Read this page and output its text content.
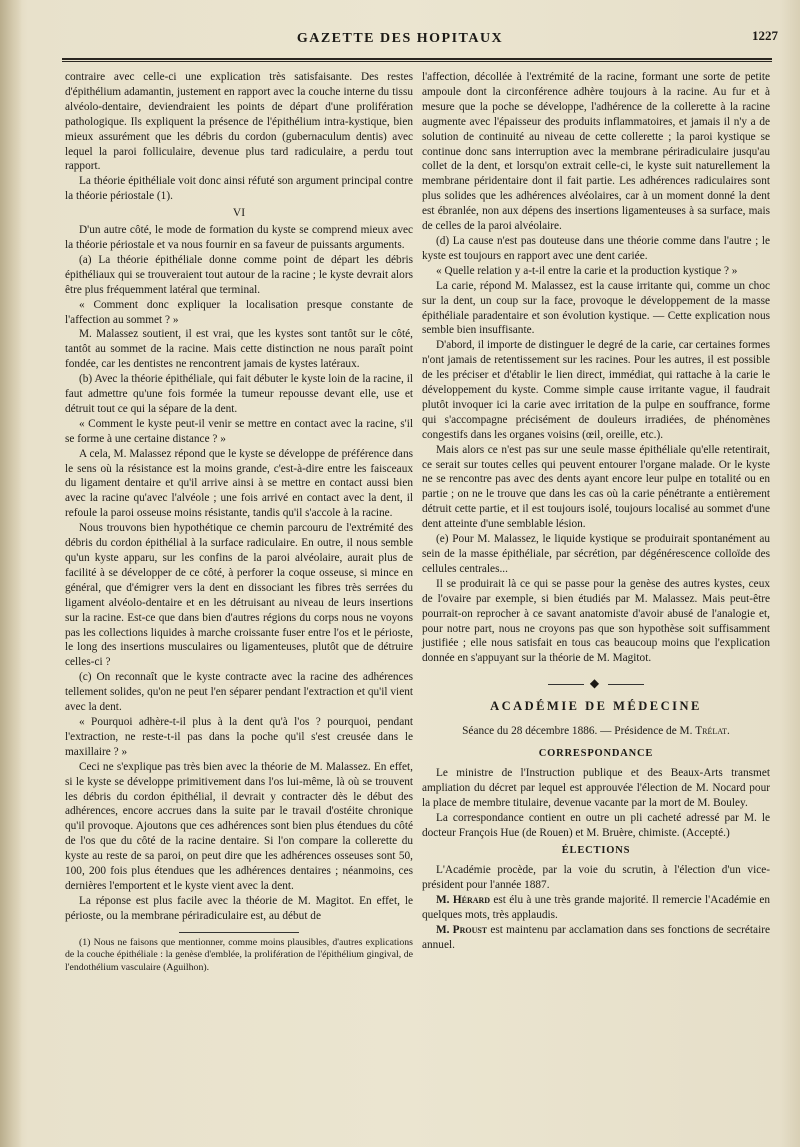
GAZETTE DES HOPITAUX	1227

contraire avec celle-ci une explication très satisfaisante. Des restes d'épithélium adamantin, justement en rapport avec la couche interne du tissu alvéolo-dentaire, deviendraient les points de départ d'une prolifération pathologique. Ils expliquent la présence de l'épithélium intra-kystique, bien mieux assurément que les débris du cordon (gubernaculum dentis) avec lequel la paroi folliculaire, devenue plus tard radiculaire, a perdu tout rapport.

La théorie épithéliale voit donc ainsi réfuté son argument principal contre la théorie périostale (1).

VI

D'un autre côté, le mode de formation du kyste se comprend mieux avec la théorie périostale et va nous fournir en sa faveur de puissants arguments.

(a) La théorie épithéliale donne comme point de départ les débris épithéliaux qui se trouveraient tout autour de la racine ; le kyste devrait alors être plus fréquemment latéral que terminal.

« Comment donc expliquer la localisation presque constante de l'affection au sommet ? »

M. Malassez soutient, il est vrai, que les kystes sont tantôt sur le côté, tantôt au sommet de la racine. Mais cette distinction ne nous paraît point fondée, car les dentistes ne rencontrent jamais de kystes latéraux.

(b) Avec la théorie épithéliale, qui fait débuter le kyste loin de la racine, il faut admettre qu'une fois formée la tumeur repousse devant elle, use et détruit tout ce qui la sépare de la dent.

« Comment le kyste peut-il venir se mettre en contact avec la racine, s'il se forme à une certaine distance ? »

A cela, M. Malassez répond que le kyste se développe de préférence dans le sens où la résistance est la moins grande, c'est-à-dire entre les faisceaux du ligament dentaire et qu'il arrive ainsi à se mettre en contact aussi bien avec la racine qu'avec l'alvéole ; une fois arrivé en contact avec la dent, il refoule la paroi osseuse moins résistante, tandis qu'il s'accole à la racine.

Nous trouvons bien hypothétique ce chemin parcouru de l'extrémité des débris du cordon épithélial à la surface radiculaire. En outre, il nous semble qu'un kyste apparu, sur les confins de la paroi alvéolaire, aurait plus de facilité à se développer de ce côté, à perforer la coque osseuse, si mince en général, que d'émigrer vers la dent en dissociant les fibres très serrées du ligament alvéolo-dentaire et en les détruisant au niveau de leurs insertions sur la racine. Est-ce que dans bien d'autres régions du corps nous ne voyons pas les collections liquides à marche croissante fuser entre l'os et le périoste, le long des insertions musculaires ou ligamenteuses, plutôt que de détruire celles-ci ?

(c) On reconnaît que le kyste contracte avec la racine des adhérences tellement solides, qu'on ne peut l'en séparer pendant l'extraction et qu'il vient avec la dent.

« Pourquoi adhère-t-il plus à la dent qu'à l'os ? pourquoi, pendant l'extraction, ne reste-t-il pas dans la poche qu'il s'est creusée dans le maxillaire ? »

Ceci ne s'explique pas très bien avec la théorie de M. Malassez. En effet, si le kyste se développe primitivement dans l'os lui-même, là où se trouvent les débris du cordon épithélial, il devrait y contracter dès le début des adhérences, encore accrues dans la suite par le travail d'ostéite chronique qu'il provoque. Ajoutons que ces adhérences sont bien plus étendues du côté de l'os que du côté de la racine dentaire. Si l'on compare la collerette du kyste au reste de sa paroi, on peut dire que les adhérences osseuses sont 50, 100, 200 fois plus étendues que les adhérences dentaires ; néanmoins, ces dernières l'emportent et le kyste vient avec la dent.

La réponse est plus facile avec la théorie de M. Magitot. En effet, le périoste, ou la membrane périradiculaire est, au début de

(1) Nous ne faisons que mentionner, comme moins plausibles, d'autres explications de la couche épithéliale : la genèse d'emblée, la prolifération de l'épithélium gingival, de l'endothélium vasculaire (Aguilhon).

l'affection, décollée à l'extrémité de la racine, formant une sorte de petite ampoule dont la circonférence adhère toujours à la racine. Au fur et à mesure que la poche se développe, l'adhérence de la collerette à la racine augmente avec l'épaisseur des produits inflammatoires, et jamais il n'y a de solution de continuité au niveau de cette collerette ; la paroi kystique se continue donc sans interruption avec la membrane périradiculaire jusqu'au collet de la dent, et lorsqu'on extrait celle-ci, le kyste suit naturellement la membrane péridentaire dont il fait partie. Les adhérences radiculaires sont plus solides que les adhérences alvéolaires, car à un moment donné la dent est ébranlée, non aux dépens des insertions ligamenteuses à sa surface, mais de celles de la paroi alvéolaire.

(d) La cause n'est pas douteuse dans une théorie comme dans l'autre ; le kyste est toujours en rapport avec une dent cariée.

« Quelle relation y a-t-il entre la carie et la production kystique ? »

La carie, répond M. Malassez, est la cause irritante qui, comme un choc sur la dent, un coup sur la face, provoque le développement de la masse épithéliale paradentaire et son évolution kystique. — Cette explication nous semble bien insuffisante.

D'abord, il importe de distinguer le degré de la carie, car certaines formes n'ont jamais de retentissement sur les racines. Pour les autres, il est possible de les préciser et d'établir le lien direct, immédiat, qui rattache à la carie le développement du kyste. Comme simple cause irritante vague, il faudrait plutôt invoquer ici la carie avec irritation de la pulpe en souffrance, forme qui s'accompagne précisément de douleurs irradiées, de phénomènes congestifs dans les organes voisins (œil, oreille, etc.).

Mais alors ce n'est pas sur une seule masse épithéliale qu'elle retentirait, ce serait sur toutes celles qui peuvent entourer l'organe malade. Or le kyste ne se rencontre pas avec des dents ayant encore leur pulpe en totalité ou en partie ; on ne le trouve que dans les cas où la carie pénétrante a entièrement détruit cette partie, et il est toujours isolé, toujours localisé au sommet d'une dent atteinte d'une semblable lésion.

(e) Pour M. Malassez, le liquide kystique se produirait spontanément au sein de la masse épithéliale, par sécrétion, par dégénérescence colloïde des cellules centrales...

Il se produirait là ce qui se passe pour la genèse des autres kystes, ceux de l'ovaire par exemple, si bien étudiés par M. Malassez. Mais peut-être pourrait-on reprocher à ce savant anatomiste d'avoir abusé de l'analogie et, pour notre part, nous ne croyons pas que son hypothèse soit suffisamment justifiée ; elle nous satisfait en tous cas beaucoup moins que l'explication donnée en s'appuyant sur la théorie de M. Magitot.

◆
ACADÉMIE DE MÉDECINE
Séance du 28 décembre 1886. — Présidence de M. Trélat.
CORRESPONDANCE

Le ministre de l'Instruction publique et des Beaux-Arts transmet ampliation du décret par lequel est approuvée l'élection de M. Nocard pour la place de membre titulaire, devenue vacante par la mort de M. Bouley.

La correspondance contient en outre un pli cacheté adressé par M. le docteur François Hue (de Rouen) et M. Bruère, chimiste. (Accepté.)

ÉLECTIONS

L'Académie procède, par la voie du scrutin, à l'élection d'un vice-président pour l'année 1887.

M. Hérard est élu à une très grande majorité. Il remercie l'Académie en quelques mots, très applaudis.

M. Proust est maintenu par acclamation dans ses fonctions de secrétaire annuel.
